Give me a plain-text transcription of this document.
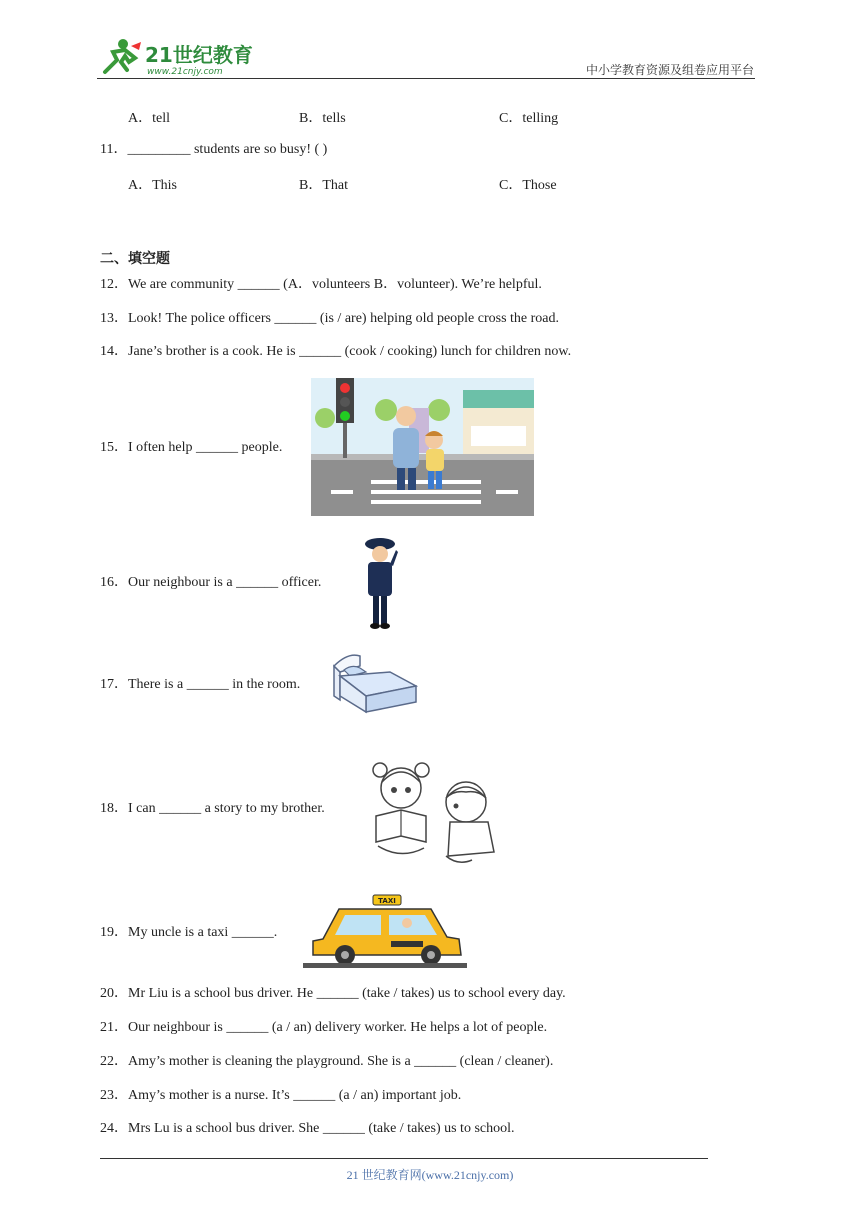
21世纪教育
www.21cnjy.com	中小学教育资源及组卷应用平台
A．tell	B．tells	C．telling
11．_________ students are so busy! ( )
A．This	B．That	C．Those
二、填空题
12．We are community ______ (A．volunteers B．volunteer). We’re helpful.
13．Look! The police officers ______ (is / are) helping old people cross the road.
14．Jane’s brother is a cook. He is ______ (cook / cooking) lunch for children now.
15．I often help ______ people.
16．Our neighbour is a ______ officer.
17．There is a ______ in the room.
18．I can ______ a story to my brother.
19．My uncle is a taxi ______.
TAXI
20．Mr Liu is a school bus driver. He ______ (take / takes) us to school every day.
21．Our neighbour is ______ (a / an) delivery worker. He helps a lot of people.
22．Amy’s mother is cleaning the playground. She is a ______ (clean / cleaner).
23．Amy’s mother is a nurse. It’s ______ (a / an) important job.
24．Mrs Lu is a school bus driver. She ______ (take / takes) us to school.
21 世纪教育网(www.21cnjy.com)
